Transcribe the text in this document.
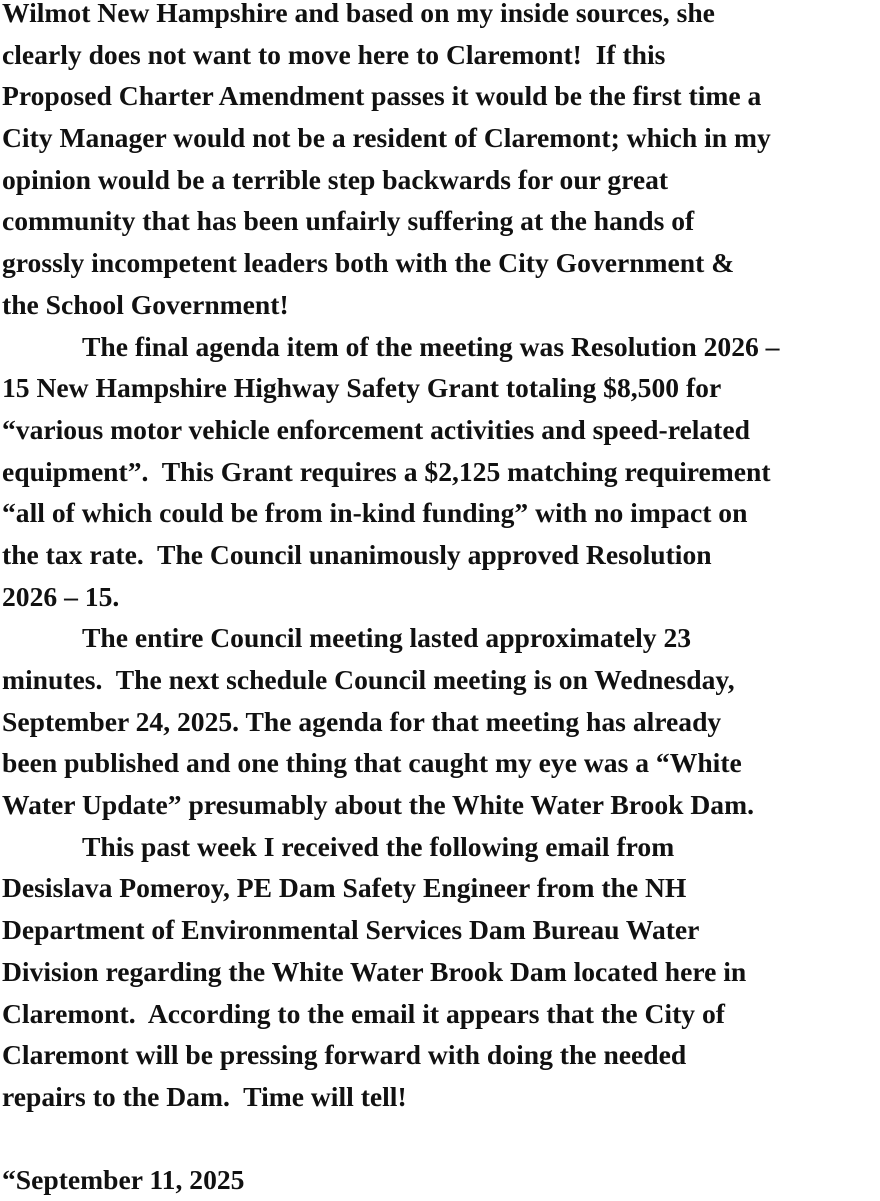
Wilmot New Hampshire and based on my inside sources, she
clearly does not want to move here to Claremont!  If this
Proposed Charter Amendment passes it would be the first time a
City Manager would not be a resident of Claremont; which in my
opinion would be a terrible step backwards for our great
community that has been unfairly suffering at the hands of
grossly incompetent leaders both with the City Government &
the School Government!
The final agenda item of the meeting was Resolution 2026 –
15 New Hampshire Highway Safety Grant totaling $8,500 for
“various motor vehicle enforcement activities and speed-related
equipment”.  This Grant requires a $2,125 matching requirement
“all of which could be from in-kind funding” with no impact on
the tax rate.  The Council unanimously approved Resolution
2026 – 15.
The entire Council meeting lasted approximately 23
minutes.  The next schedule Council meeting is on Wednesday,
September 24, 2025. The agenda for that meeting has already
been published and one thing that caught my eye was a “White
Water Update” presumably about the White Water Brook Dam.
This past week I received the following email from
Desislava Pomeroy, PE Dam Safety Engineer from the NH
Department of Environmental Services Dam Bureau Water
Division regarding the White Water Brook Dam located here in
Claremont.  According to the email it appears that the City of
Claremont will be pressing forward with doing the needed
repairs to the Dam.  Time will tell!
“September 11, 2025
